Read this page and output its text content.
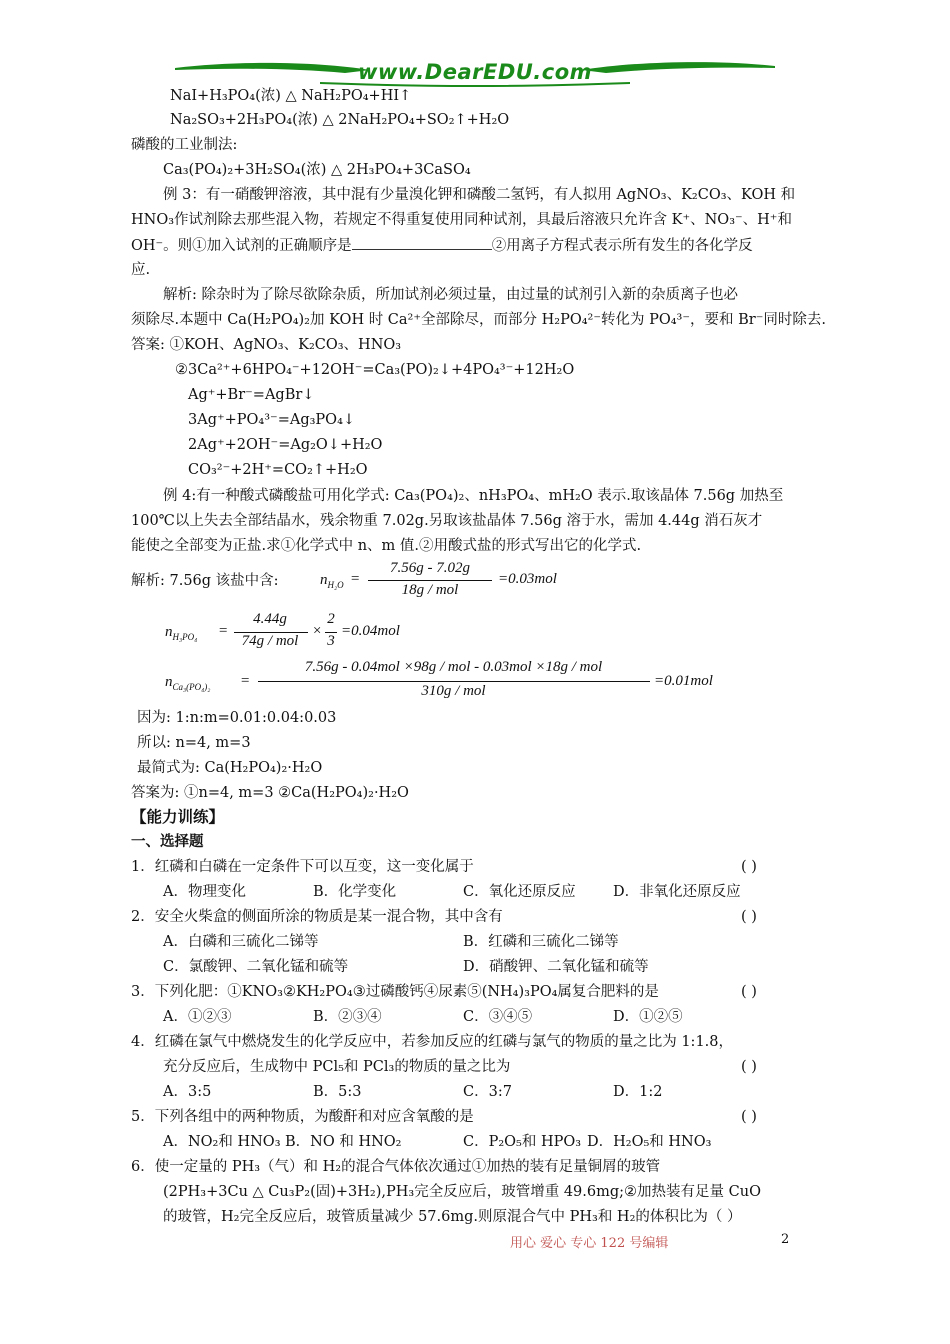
www.DearEDU.com
NaI+H₃PO₄(浓) △ NaH₂PO₄+HI↑
Na₂SO₃+2H₃PO₄(浓) △ 2NaH₂PO₄+SO₂↑+H₂O
磷酸的工业制法:
Ca₃(PO₄)₂+3H₂SO₄(浓) △ 2H₃PO₄+3CaSO₄
例 3：有一硝酸钾溶液，其中混有少量溴化钾和磷酸二氢钙，有人拟用 AgNO₃、K₂CO₃、KOH 和
HNO₃作试剂除去那些混入物，若规定不得重复使用同种试剂，具最后溶液只允许含 K⁺、NO₃⁻、H⁺和
OH⁻。则①加入试剂的正确顺序是	②用离子方程式表示所有发生的各化学反
应.
解析: 除杂时为了除尽欲除杂质，所加试剂必须过量，由过量的试剂引入新的杂质离子也必
须除尽.本题中 Ca(H₂PO₄)₂加 KOH 时 Ca²⁺全部除尽，而部分 H₂PO₄²⁻转化为 PO₄³⁻，要和 Br⁻同时除去.
答案: ①KOH、AgNO₃、K₂CO₃、HNO₃
②3Ca²⁺+6HPO₄⁻+12OH⁻=Ca₃(PO)₂↓+4PO₄³⁻+12H₂O
Ag⁺+Br⁻=AgBr↓
3Ag⁺+PO₄³⁻=Ag₃PO₄↓
2Ag⁺+2OH⁻=Ag₂O↓+H₂O
CO₃²⁻+2H⁺=CO₂↑+H₂O
例 4:有一种酸式磷酸盐可用化学式: Ca₃(PO₄)₂、nH₃PO₄、mH₂O 表示.取该晶体 7.56g 加热至
100℃以上失去全部结晶水，残余物重 7.02g.另取该盐晶体 7.56g 溶于水，需加 4.44g 消石灰才
能使之全部变为正盐.求①化学式中 n、m 值.②用酸式盐的形式写出它的化学式.
解析: 7.56g 该盐中含:	$n_{H_2O}$ =
7.56g - 7.02g
18g / mol
=0.03mol
$n_{H_3PO_4}$ =
4.44g
74g / mol
×
2
3
=0.04mol
$n_{Ca_3(PO_4)_2}$ =
7.56g - 0.04mol ×98g / mol - 0.03mol ×18g / mol
310g / mol
=0.01mol
因为: 1:n:m=0.01:0.04:0.03
所以: n=4, m=3
最简式为: Ca(H₂PO₄)₂·H₂O
答案为: ①n=4, m=3 ②Ca(H₂PO₄)₂·H₂O
【能力训练】
一、选择题
1．红磷和白磷在一定条件下可以互变，这一变化属于	( )
A．物理变化	B．化学变化	C．氧化还原反应	D．非氧化还原反应
2．安全火柴盒的侧面所涂的物质是某一混合物，其中含有	( )
A．白磷和三硫化二锑等	B．红磷和三硫化二锑等
C．氯酸钾、二氧化锰和硫等	D．硝酸钾、二氧化锰和硫等
3．下列化肥：①KNO₃②KH₂PO₄③过磷酸钙④尿素⑤(NH₄)₃PO₄属复合肥料的是	( )
A．①②③	B．②③④	C．③④⑤	D．①②⑤
4．红磷在氯气中燃烧发生的化学反应中，若参加反应的红磷与氯气的物质的量之比为 1:1.8，
充分反应后，生成物中 PCl₅和 PCl₃的物质的量之比为	( )
A．3:5	B．5:3	C．3:7	D．1:2
5．下列各组中的两种物质，为酸酐和对应含氧酸的是	( )
A．NO₂和 HNO₃ B．NO 和 HNO₂	C．P₂O₅和 HPO₃ D．H₂O₅和 HNO₃
6．使一定量的 PH₃（气）和 H₂的混合气体依次通过①加热的装有足量铜屑的玻管
(2PH₃+3Cu △ Cu₃P₂(固)+3H₂),PH₃完全反应后，玻管增重 49.6mg;②加热装有足量 CuO
的玻管，H₂完全反应后，玻管质量减少 57.6mg.则原混合气中 PH₃和 H₂的体积比为（ ）
用心 爱心 专心 122 号编辑	2
